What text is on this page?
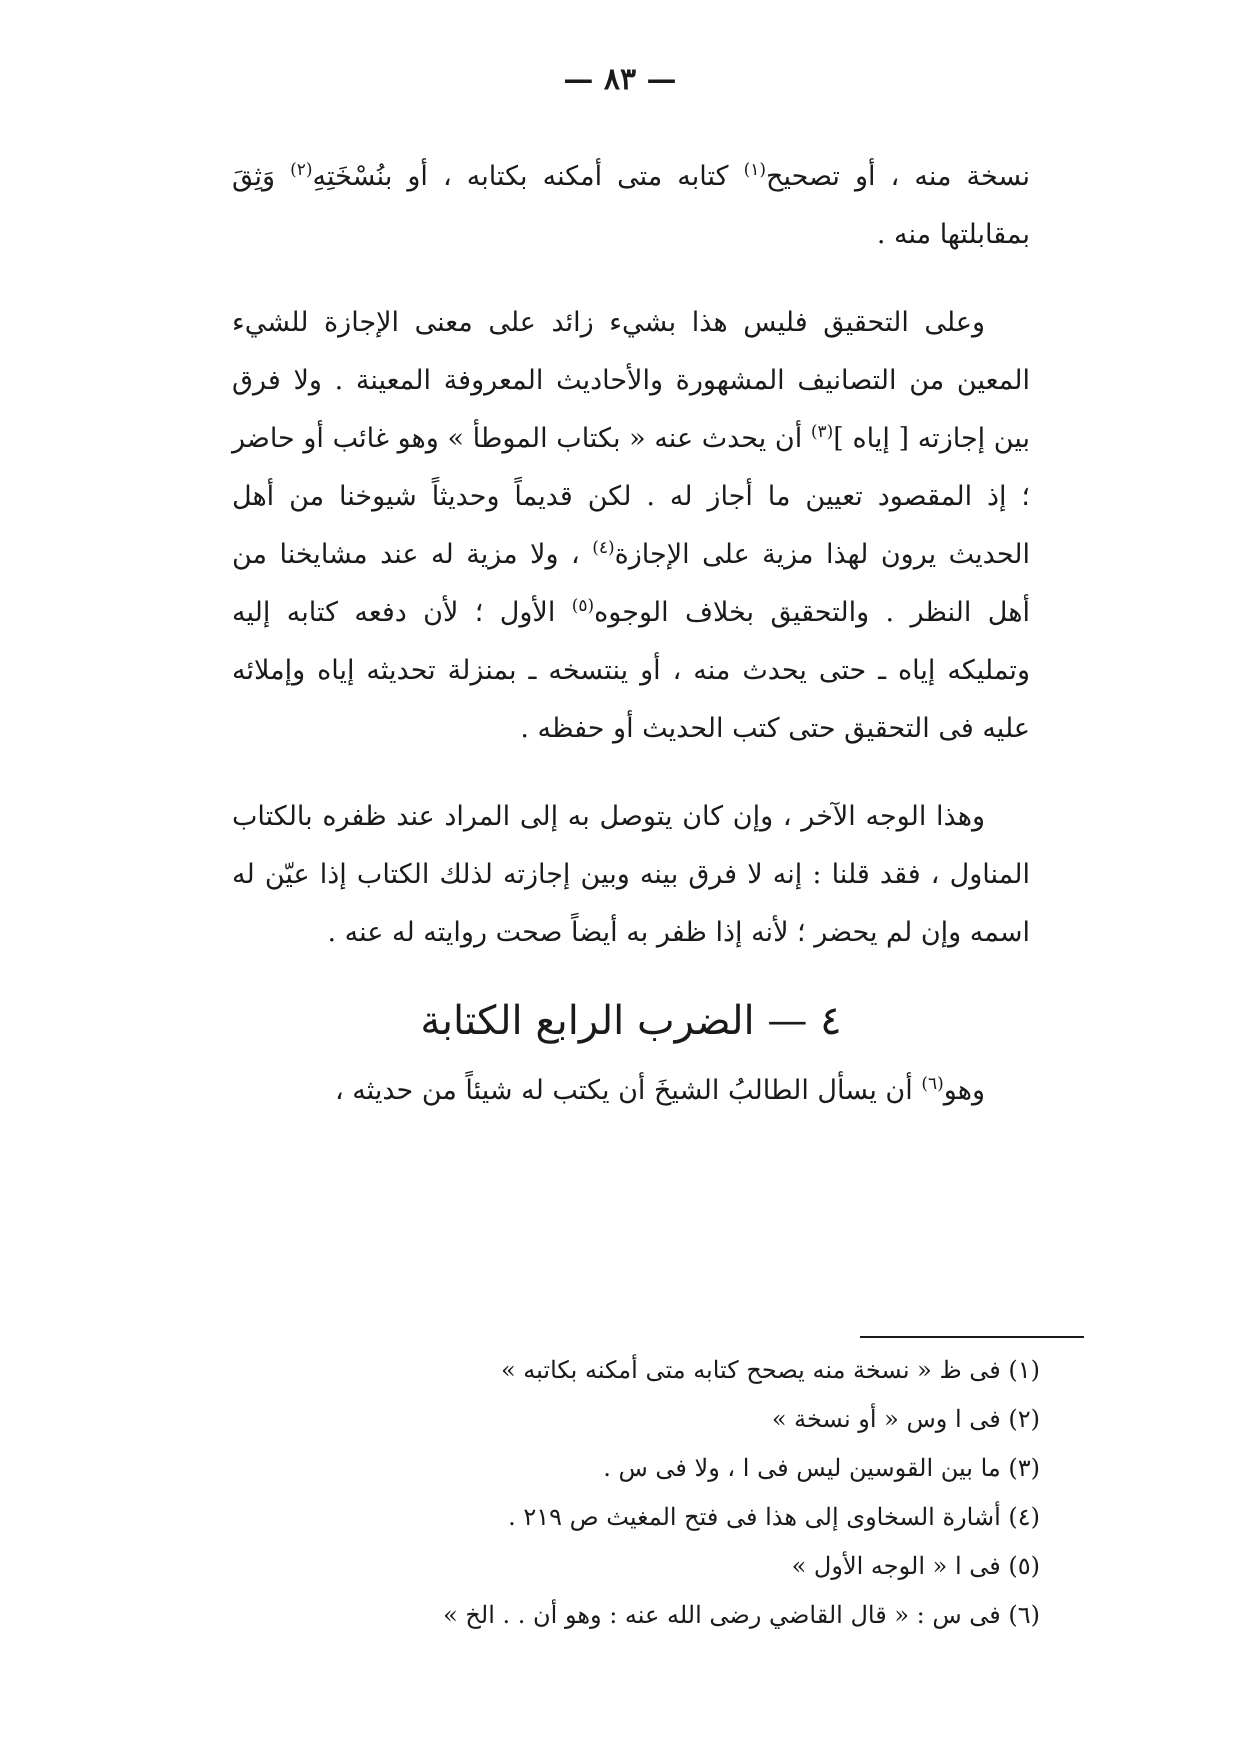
— ٨٣ —

نسخة منه ، أو تصحيح$^{(١)}$ كتابه متى أمكنه بكتابه ، أو بنُسْخَتِهِ$^{(٢)}$ وَثِقَ بمقابلتها منه .

وعلى التحقيق فليس هذا بشيء زائد على معنى الإجازة للشيء المعين من التصانيف المشهورة والأحاديث المعروفة المعينة . ولا فرق بين إجازته [ إياه ]$^{(٣)}$ أن يحدث عنه « بكتاب الموطأ » وهو غائب أو حاضر ؛ إذ المقصود تعيين ما أجاز له . لكن قديماً وحديثاً شيوخنا من أهل الحديث يرون لهذا مزية على الإجازة$^{(٤)}$ ، ولا مزية له عند مشايخنا من أهل النظر . والتحقيق بخلاف الوجوه$^{(٥)}$ الأول ؛ لأن دفعه كتابه إليه وتمليكه إياه ـ حتى يحدث منه ، أو ينتسخه ـ بمنزلة تحديثه إياه وإملائه عليه فى التحقيق حتى كتب الحديث أو حفظه .

وهذا الوجه الآخر ، وإن كان يتوصل به إلى المراد عند ظفره بالكتاب المناول ، فقد قلنا : إنه لا فرق بينه وبين إجازته لذلك الكتاب إذا عيّن له اسمه وإن لم يحضر ؛ لأنه إذا ظفر به أيضاً صحت روايته له عنه .

٤ — الضرب الرابع الكتابة

وهو$^{(٦)}$ أن يسأل الطالبُ الشيخَ أن يكتب له شيئاً من حديثه ،

(١) فى ظ « نسخة منه يصحح كتابه متى أمكنه بكاتبه »

(٢) فى ا وس « أو نسخة »

(٣) ما بين القوسين ليس فى ا ، ولا فى س .

(٤) أشارة السخاوى إلى هذا فى فتح المغيث ص ٢١٩ .

(٥) فى ا « الوجه الأول »

(٦) فى س : « قال القاضي رضى الله عنه : وهو أن . . الخ »
